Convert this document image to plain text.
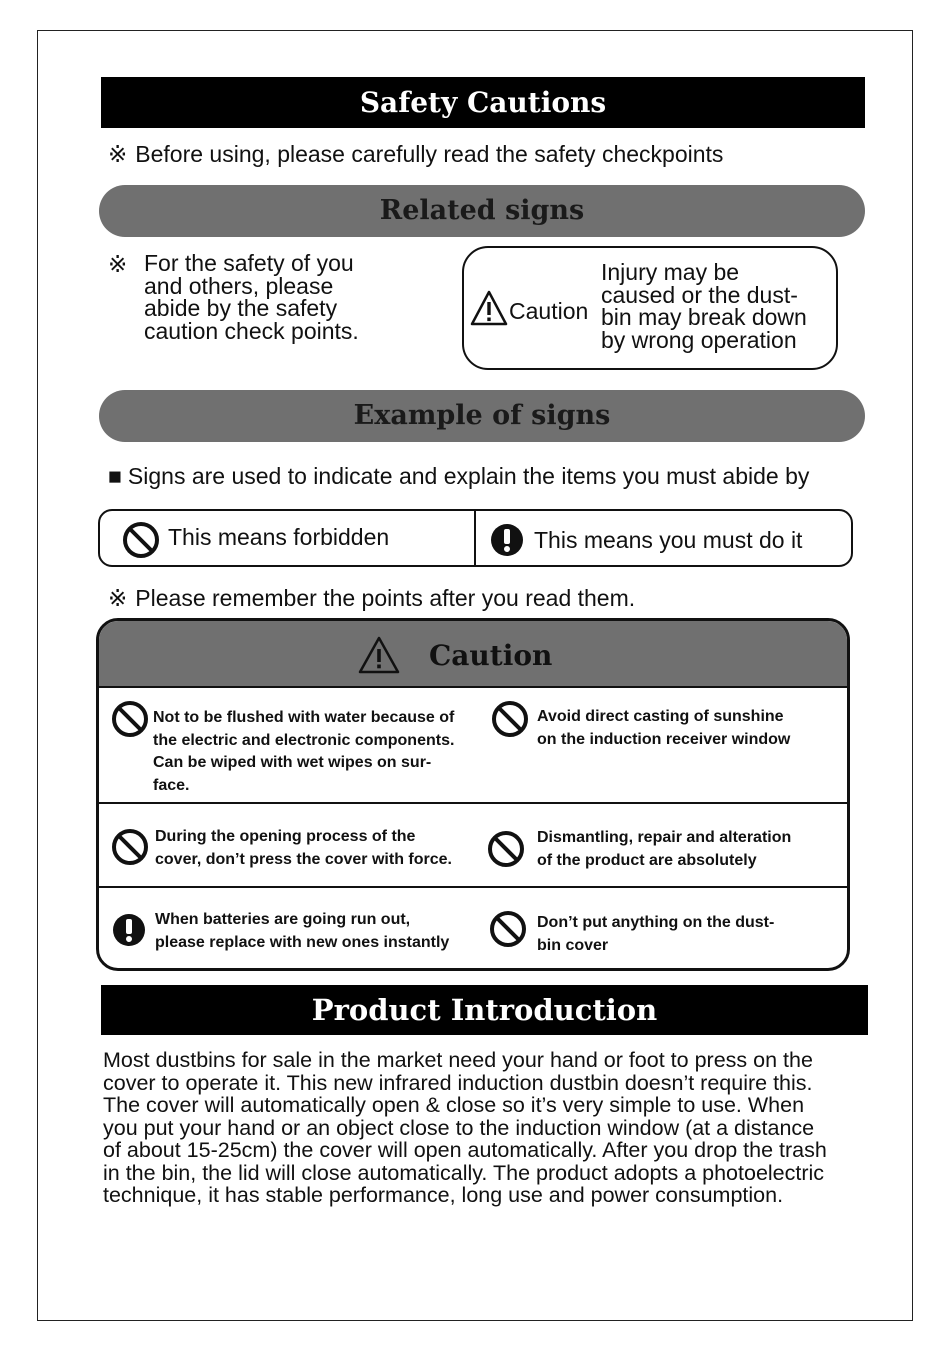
Safety Cautions
※ Before using, please carefully read the safety checkpoints
Related signs
※ For the safety of you
and others, please
abide by the safety
caution check points.
Caution
Injury may be
caused or the dust-
bin may break down
by wrong operation
Example of signs
■ Signs are used to indicate and explain the items you must abide by
This means forbidden	This means you must do it
※ Please remember the points after you read them.
Caution
Not to be flushed with water because of
the electric and electronic components.
Can be wiped with wet wipes on sur-
face.
Avoid direct casting of sunshine
on the induction receiver window
During the opening process of the
cover, don’t press the cover with force.
Dismantling, repair and alteration
of the product are absolutely
When batteries are going run out,
please replace with new ones instantly
Don’t put anything on the dust-
bin cover
Product Introduction
Most dustbins for sale in the market need your hand or foot to press on the
cover to operate it. This new infrared induction dustbin doesn’t require this.
The cover will automatically open & close so it’s very simple to use. When
you put your hand or an object close to the induction window (at a distance
of about 15-25cm) the cover will open automatically. After you drop the trash
in the bin, the lid will close automatically. The product adopts a photoelectric
technique, it has stable performance, long use and power consumption.
